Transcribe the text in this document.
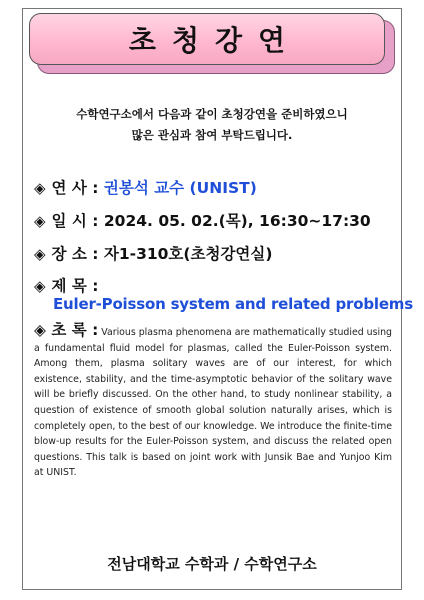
초청강연
수학연구소에서 다음과 같이 초청강연을 준비하였으니
많은 관심과 참여 부탁드립니다.
◈ 연 사 : 권봉석 교수 (UNIST)
◈ 일 시 : 2024. 05. 02.(목), 16:30~17:30
◈ 장 소 : 자1-310호(초청강연실)
◈ 제 목 :
Euler-Poisson system and related problems
◈ 초 록 : Various plasma phenomena are mathematically studied using a fundamental fluid model for plasmas, called the Euler-Poisson system. Among them, plasma solitary waves are of our interest, for which existence, stability, and the time-asymptotic behavior of the solitary wave will be briefly discussed. On the other hand, to study nonlinear stability, a question of existence of smooth global solution naturally arises, which is completely open, to the best of our knowledge. We introduce the finite-time blow-up results for the Euler-Poisson system, and discuss the related open questions. This talk is based on joint work with Junsik Bae and Yunjoo Kim at UNIST.
전남대학교 수학과 / 수학연구소
